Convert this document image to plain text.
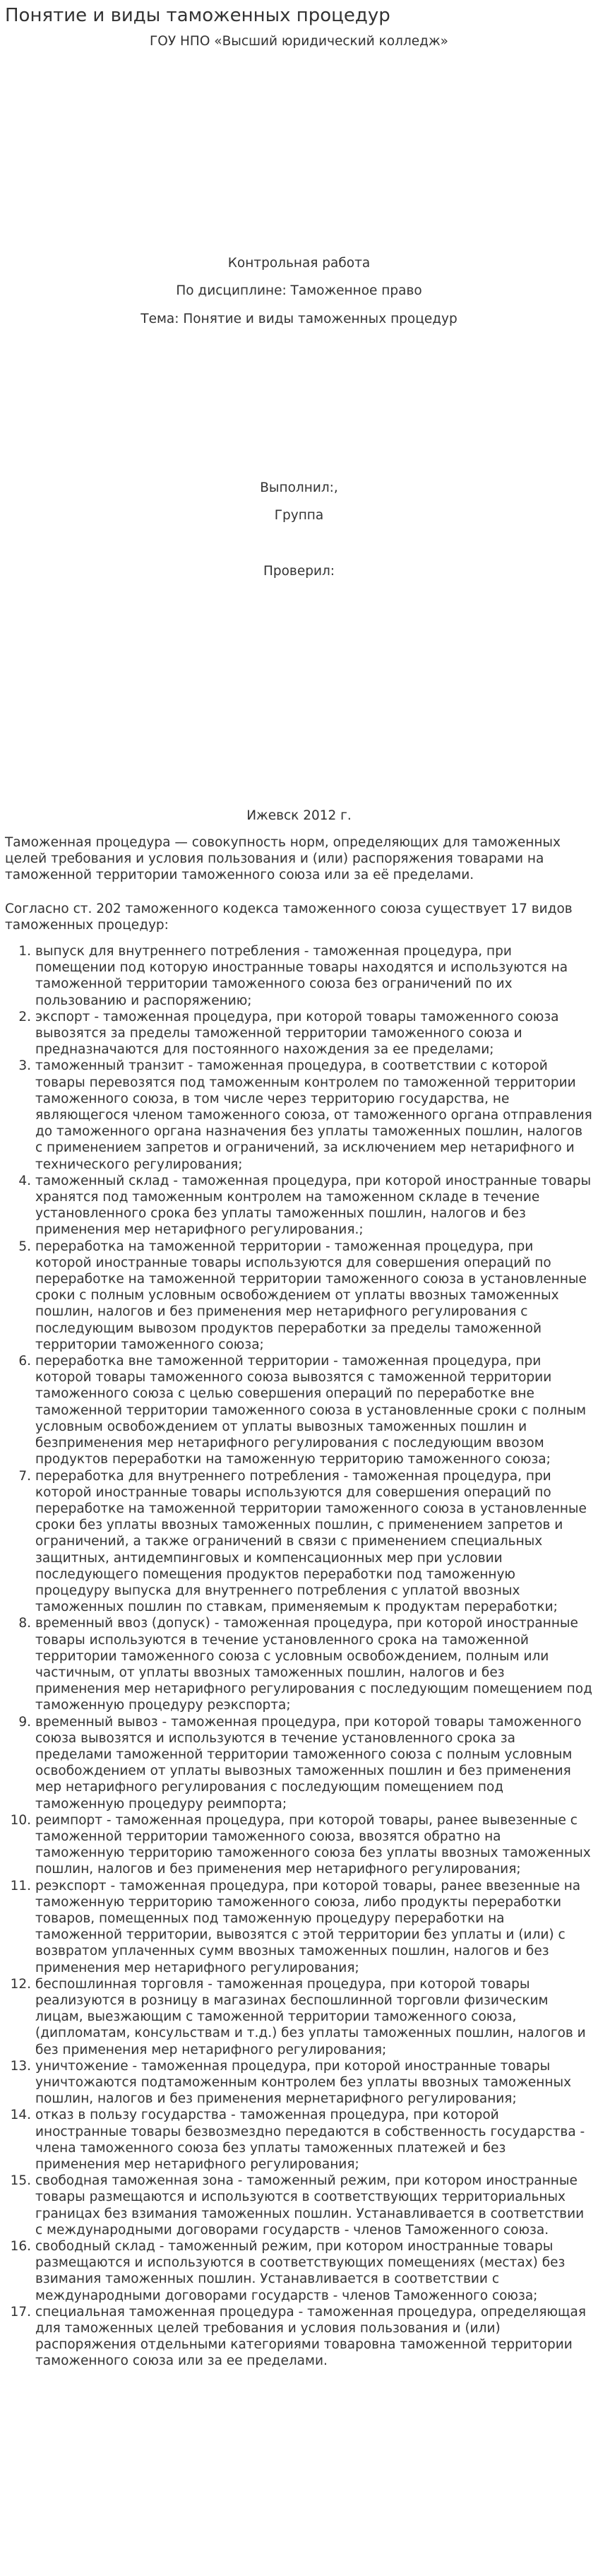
Понятие и виды таможенных процедур

ГОУ НПО «Высший юридический колледж»

Контрольная работа

По дисциплине: Таможенное право

Тема: Понятие и виды таможенных процедур

Выполнил:,

Группа

Проверил:

Ижевск 2012 г.

Таможенная процедура — совокупность норм, определяющих для таможенных целей требования и условия пользования и (или) распоряжения товарами на таможенной территории таможенного союза или за её пределами.

Согласно ст. 202 таможенного кодекса таможенного союза существует 17 видов таможенных процедур:

1. выпуск для внутреннего потребления - таможенная процедура, при помещении под которую иностранные товары находятся и используются на таможенной территории таможенного союза без ограничений по их пользованию и распоряжению;
2. экспорт - таможенная процедура, при которой товары таможенного союза вывозятся за пределы таможенной территории таможенного союза и предназначаются для постоянного нахождения за ее пределами;
3. таможенный транзит - таможенная процедура, в соответствии с которой товары перевозятся под таможенным контролем по таможенной территории таможенного союза, в том числе через территорию государства, не являющегося членом таможенного союза, от таможенного органа отправления до таможенного органа назначения без уплаты таможенных пошлин, налогов с применением запретов и ограничений, за исключением мер нетарифного и технического регулирования;
4. таможенный склад - таможенная процедура, при которой иностранные товары хранятся под таможенным контролем на таможенном складе в течение установленного срока без уплаты таможенных пошлин, налогов и без применения мер нетарифного регулирования.;
5. переработка на таможенной территории - таможенная процедура, при которой иностранные товары используются для совершения операций по переработке на таможенной территории таможенного союза в установленные сроки с полным условным освобождением от уплаты ввозных таможенных пошлин, налогов и без применения мер нетарифного регулирования с последующим вывозом продуктов переработки за пределы таможенной территории таможенного союза;
6. переработка вне таможенной территории - таможенная процедура, при которой товары таможенного союза вывозятся с таможенной территории таможенного союза с целью совершения операций по переработке вне таможенной территории таможенного союза в установленные сроки с полным условным освобождением от уплаты вывозных таможенных пошлин и безприменения мер нетарифного регулирования с последующим ввозом продуктов переработки на таможенную территорию таможенного союза;
7. переработка для внутреннего потребления - таможенная процедура, при которой иностранные товары используются для совершения операций по переработке на таможенной территории таможенного союза в установленные сроки без уплаты ввозных таможенных пошлин, с применением запретов и ограничений, а также ограничений в связи с применением специальных защитных, антидемпинговых и компенсационных мер при условии последующего помещения продуктов переработки под таможенную процедуру выпуска для внутреннего потребления с уплатой ввозных таможенных пошлин по ставкам, применяемым к продуктам переработки;
8. временный ввоз (допуск) - таможенная процедура, при которой иностранные товары используются в течение установленного срока на таможенной территории таможенного союза с условным освобождением, полным или частичным, от уплаты ввозных таможенных пошлин, налогов и без применения мер нетарифного регулирования с последующим помещением под таможенную процедуру реэкспорта;
9. временный вывоз - таможенная процедура, при которой товары таможенного союза вывозятся и используются в течение установленного срока за пределами таможенной территории таможенного союза с полным условным освобождением от уплаты вывозных таможенных пошлин и без применения мер нетарифного регулирования с последующим помещением под таможенную процедуру реимпорта;
10. реимпорт - таможенная процедура, при которой товары, ранее вывезенные с таможенной территории таможенного союза, ввозятся обратно на таможенную территорию таможенного союза без уплаты ввозных таможенных пошлин, налогов и без применения мер нетарифного регулирования;
11. реэкспорт - таможенная процедура, при которой товары, ранее ввезенные на таможенную территорию таможенного союза, либо продукты переработки товаров, помещенных под таможенную процедуру переработки на таможенной территории, вывозятся с этой территории без уплаты и (или) с возвратом уплаченных сумм ввозных таможенных пошлин, налогов и без применения мер нетарифного регулирования;
12. беспошлинная торговля - таможенная процедура, при которой товары реализуются в розницу в магазинах беспошлинной торговли физическим лицам, выезжающим с таможенной территории таможенного союза, (дипломатам, консульствам и т.д.) без уплаты таможенных пошлин, налогов и без применения мер нетарифного регулирования;
13. уничтожение - таможенная процедура, при которой иностранные товары уничтожаются подтаможенным контролем без уплаты ввозных таможенных пошлин, налогов и без применения мернетарифного регулирования;
14. отказ в пользу государства - таможенная процедура, при которой иностранные товары безвозмездно передаются в собственность государства - члена таможенного союза без уплаты таможенных платежей и без применения мер нетарифного регулирования;
15. свободная таможенная зона - таможенный режим, при котором иностранные товары размещаются и используются в соответствующих территориальных границах без взимания таможенных пошлин. Устанавливается в соответствии с международными договорами государств - членов Таможенного союза.
16. свободный склад - таможенный режим, при котором иностранные товары размещаются и используются в соответствующих помещениях (местах) без взимания таможенных пошлин. Устанавливается в соответствии с международными договорами государств - членов Таможенного союза;
17. специальная таможенная процедура - таможенная процедура, определяющая для таможенных целей требования и условия пользования и (или) распоряжения отдельными категориями товаровна таможенной территории таможенного союза или за ее пределами.
